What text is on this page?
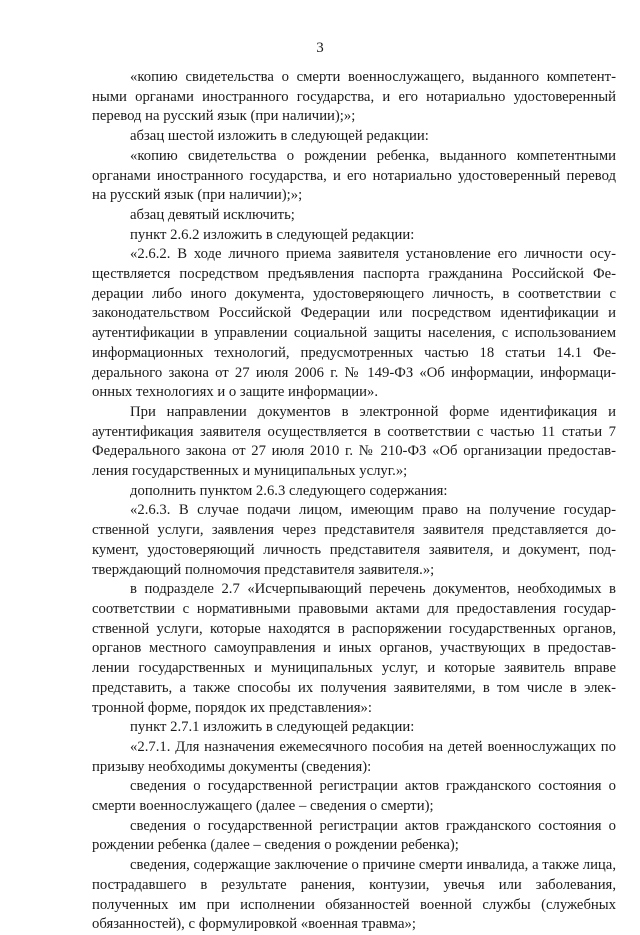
3

«копию свидетельства о смерти военнослужащего, выданного компетентными органами иностранного государства, и его нотариально удостоверенный перевод на русский язык (при наличии);»;

абзац шестой изложить в следующей редакции:

«копию свидетельства о рождении ребенка, выданного компетентными органами иностранного государства, и его нотариально удостоверенный перевод на русский язык (при наличии);»;

абзац девятый исключить;

пункт 2.6.2 изложить в следующей редакции:

«2.6.2. В ходе личного приема заявителя установление его личности осуществляется посредством предъявления паспорта гражданина Российской Федерации либо иного документа, удостоверяющего личность, в соответствии с законодательством Российской Федерации или посредством идентификации и аутентификации в управлении социальной защиты населения, с использованием информационных технологий, предусмотренных частью 18 статьи 14.1 Федерального закона от 27 июля 2006 г. № 149-ФЗ «Об информации, информационных технологиях и о защите информации».

При направлении документов в электронной форме идентификация и аутентификация заявителя осуществляется в соответствии с частью 11 статьи 7 Федерального закона от 27 июля 2010 г. № 210-ФЗ «Об организации предоставления государственных и муниципальных услуг.»;

дополнить пунктом 2.6.3 следующего содержания:

«2.6.3. В случае подачи лицом, имеющим право на получение государственной услуги, заявления через представителя заявителя представляется документ, удостоверяющий личность представителя заявителя, и документ, подтверждающий полномочия представителя заявителя.»;

в подразделе 2.7 «Исчерпывающий перечень документов, необходимых в соответствии с нормативными правовыми актами для предоставления государственной услуги, которые находятся в распоряжении государственных органов, органов местного самоуправления и иных органов, участвующих в предоставлении государственных и муниципальных услуг, и которые заявитель вправе представить, а также способы их получения заявителями, в том числе в электронной форме, порядок их представления»:

пункт 2.7.1 изложить в следующей редакции:

«2.7.1. Для назначения ежемесячного пособия на детей военнослужащих по призыву необходимы документы (сведения):

сведения о государственной регистрации актов гражданского состояния о смерти военнослужащего (далее – сведения о смерти);

сведения о государственной регистрации актов гражданского состояния о рождении ребенка (далее – сведения о рождении ребенка);

сведения, содержащие заключение о причине смерти инвалида, а также лица, пострадавшего в результате ранения, контузии, увечья или заболевания, полученных им при исполнении обязанностей военной службы (служебных обязанностей), с формулировкой «военная травма»;
